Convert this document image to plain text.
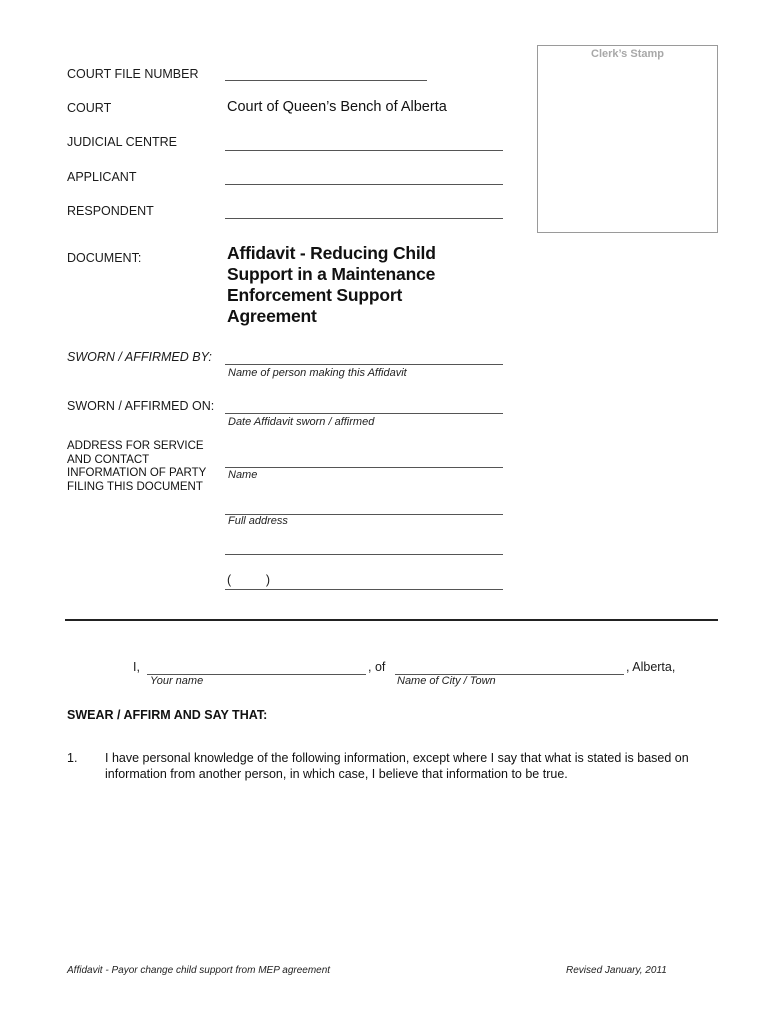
Clerk’s Stamp
COURT FILE NUMBER
COURT	Court of Queen’s Bench of Alberta
JUDICIAL CENTRE
APPLICANT
RESPONDENT
DOCUMENT:	Affidavit - Reducing Child Support in a Maintenance Enforcement Support Agreement
SWORN / AFFIRMED BY:
Name of person making this Affidavit
SWORN / AFFIRMED ON:
Date Affidavit sworn / affirmed
ADDRESS FOR SERVICE AND CONTACT INFORMATION OF PARTY FILING THIS DOCUMENT
Name
Full address
(          )
I,	, of	, Alberta,
Your name	Name of City / Town
SWEAR / AFFIRM AND SAY THAT:
1. I have personal knowledge of the following information, except where I say that what is stated is based on information from another person, in which case, I believe that information to be true.
Affidavit - Payor change child support from MEP agreement	Revised January, 2011
